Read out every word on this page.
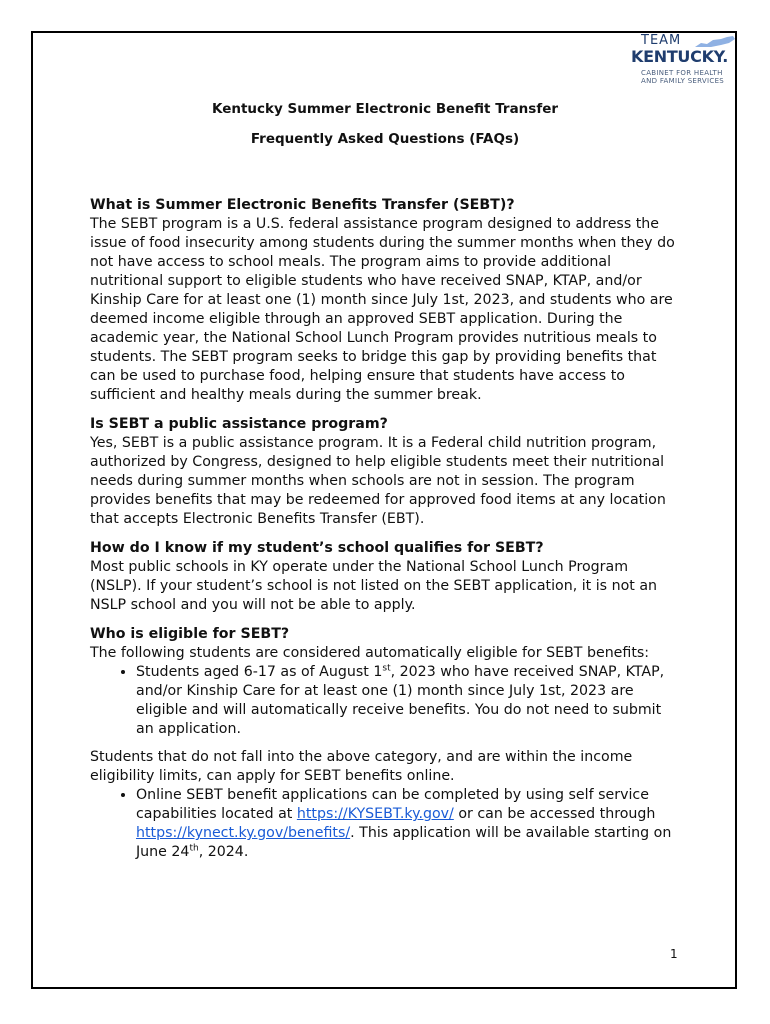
TEAM
KENTUCKY.
CABINET FOR HEALTH
AND FAMILY SERVICES
Kentucky Summer Electronic Benefit Transfer
Frequently Asked Questions (FAQs)
What is Summer Electronic Benefits Transfer (SEBT)?

The SEBT program is a U.S. federal assistance program designed to address the issue of food insecurity among students during the summer months when they do not have access to school meals. The program aims to provide additional nutritional support to eligible students who have received SNAP, KTAP, and/or Kinship Care for at least one (1) month since July 1st, 2023, and students who are deemed income eligible through an approved SEBT application. During the academic year, the National School Lunch Program provides nutritious meals to students. The SEBT program seeks to bridge this gap by providing benefits that can be used to purchase food, helping ensure that students have access to sufficient and healthy meals during the summer break.

Is SEBT a public assistance program?

Yes, SEBT is a public assistance program. It is a Federal child nutrition program, authorized by Congress, designed to help eligible students meet their nutritional needs during summer months when schools are not in session. The program provides benefits that may be redeemed for approved food items at any location that accepts Electronic Benefits Transfer (EBT).

How do I know if my student’s school qualifies for SEBT?

Most public schools in KY operate under the National School Lunch Program (NSLP). If your student’s school is not listed on the SEBT application, it is not an NSLP school and you will not be able to apply.

Who is eligible for SEBT?

The following students are considered automatically eligible for SEBT benefits:

• Students aged 6-17 as of August 1st, 2023 who have received SNAP, KTAP, and/or Kinship Care for at least one (1) month since July 1st, 2023 are eligible and will automatically receive benefits. You do not need to submit an application.

Students that do not fall into the above category, and are within the income eligibility limits, can apply for SEBT benefits online.

• Online SEBT benefit applications can be completed by using self service capabilities located at https://KYSEBT.ky.gov/ or can be accessed through https://kynect.ky.gov/benefits/. This application will be available starting on June 24th, 2024.
1
